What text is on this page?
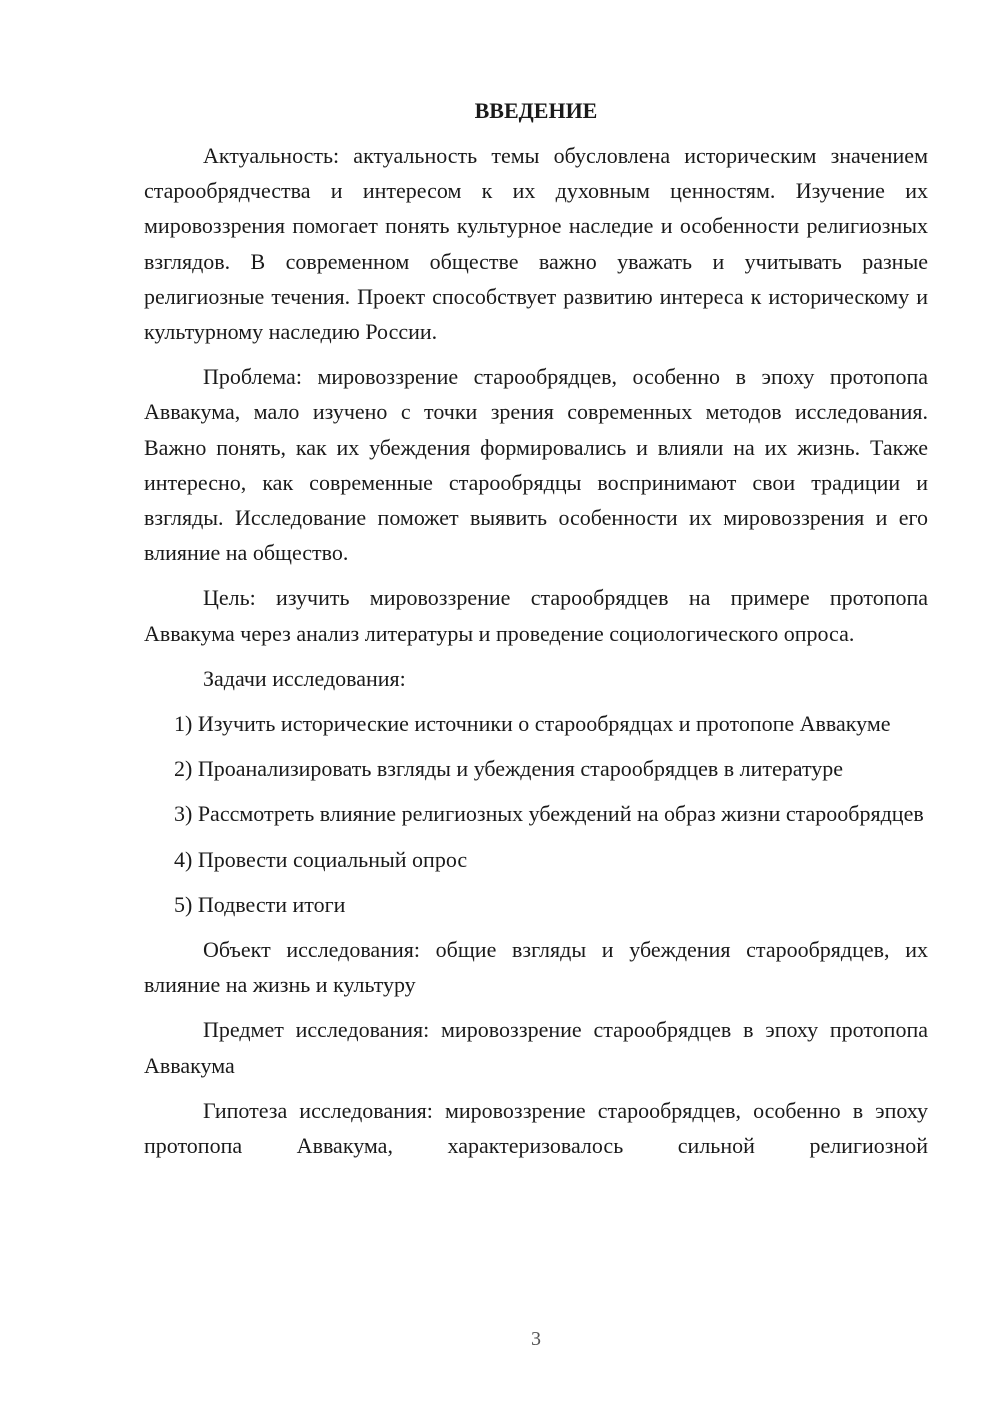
ВВЕДЕНИЕ

Актуальность: актуальность темы обусловлена историческим значением старообрядчества и интересом к их духовным ценностям. Изучение их мировоззрения помогает понять культурное наследие и особенности религиозных взглядов. В современном обществе важно уважать и учитывать разные религиозные течения. Проект способствует развитию интереса к историческому и культурному наследию России.

Проблема: мировоззрение старообрядцев, особенно в эпоху протопопа Аввакума, мало изучено с точки зрения современных методов исследования. Важно понять, как их убеждения формировались и влияли на их жизнь. Также интересно, как современные старообрядцы воспринимают свои традиции и взгляды. Исследование поможет выявить особенности их мировоззрения и его влияние на общество.

Цель: изучить мировоззрение старообрядцев на примере протопопа Аввакума через анализ литературы и проведение социологического опроса.

Задачи исследования:

1) Изучить исторические источники о старообрядцах и протопопе Аввакуме

2) Проанализировать взгляды и убеждения старообрядцев в литературе

3) Рассмотреть влияние религиозных убеждений на образ жизни старообрядцев

4) Провести социальный опрос

5) Подвести итоги

Объект исследования: общие взгляды и убеждения старообрядцев, их влияние на жизнь и культуру

Предмет исследования: мировоззрение старообрядцев в эпоху протопопа Аввакума

Гипотеза исследования: мировоззрение старообрядцев, особенно в эпоху протопопа Аввакума, характеризовалось сильной религиозной

3
